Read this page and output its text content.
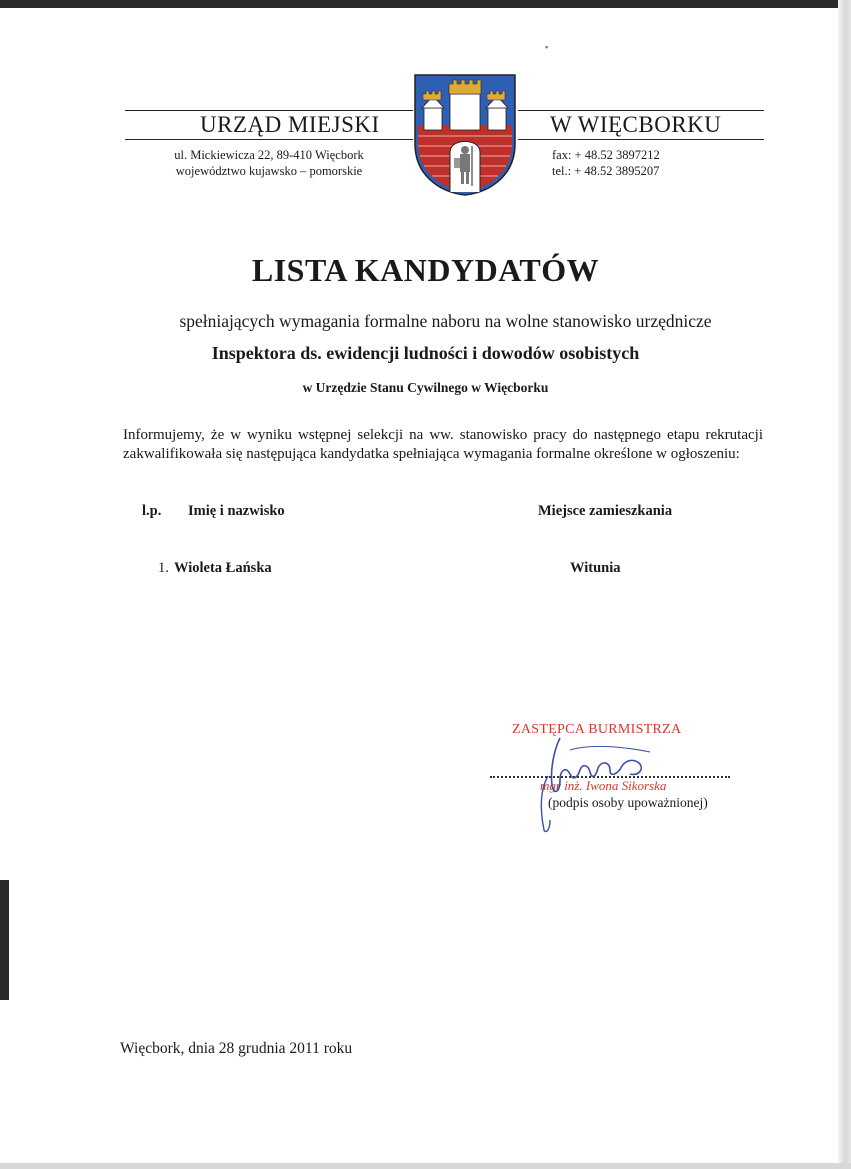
▪
URZĄD MIEJSKI	W WIĘCBORKU
ul. Mickiewicza 22, 89-410 Więcbork
województwo kujawsko – pomorskie
fax: + 48.52 3897212
tel.: + 48.52 3895207
LISTA KANDYDATÓW
spełniających wymagania formalne naboru na wolne stanowisko urzędnicze
Inspektora ds. ewidencji ludności i dowodów osobistych
w Urzędzie Stanu Cywilnego w Więcborku
Informujemy, że w wyniku wstępnej selekcji na ww. stanowisko pracy do następnego etapu rekrutacji zakwalifikowała się następująca kandydatka spełniająca wymagania formalne określone w ogłoszeniu:
l.p. Imię i nazwisko	Miejsce zamieszkania
1. Wioleta Łańska	Witunia
ZASTĘPCA BURMISTRZA
mgr inż. Iwona Sikorska
(podpis osoby upoważnionej)
Więcbork, dnia 28 grudnia 2011 roku
